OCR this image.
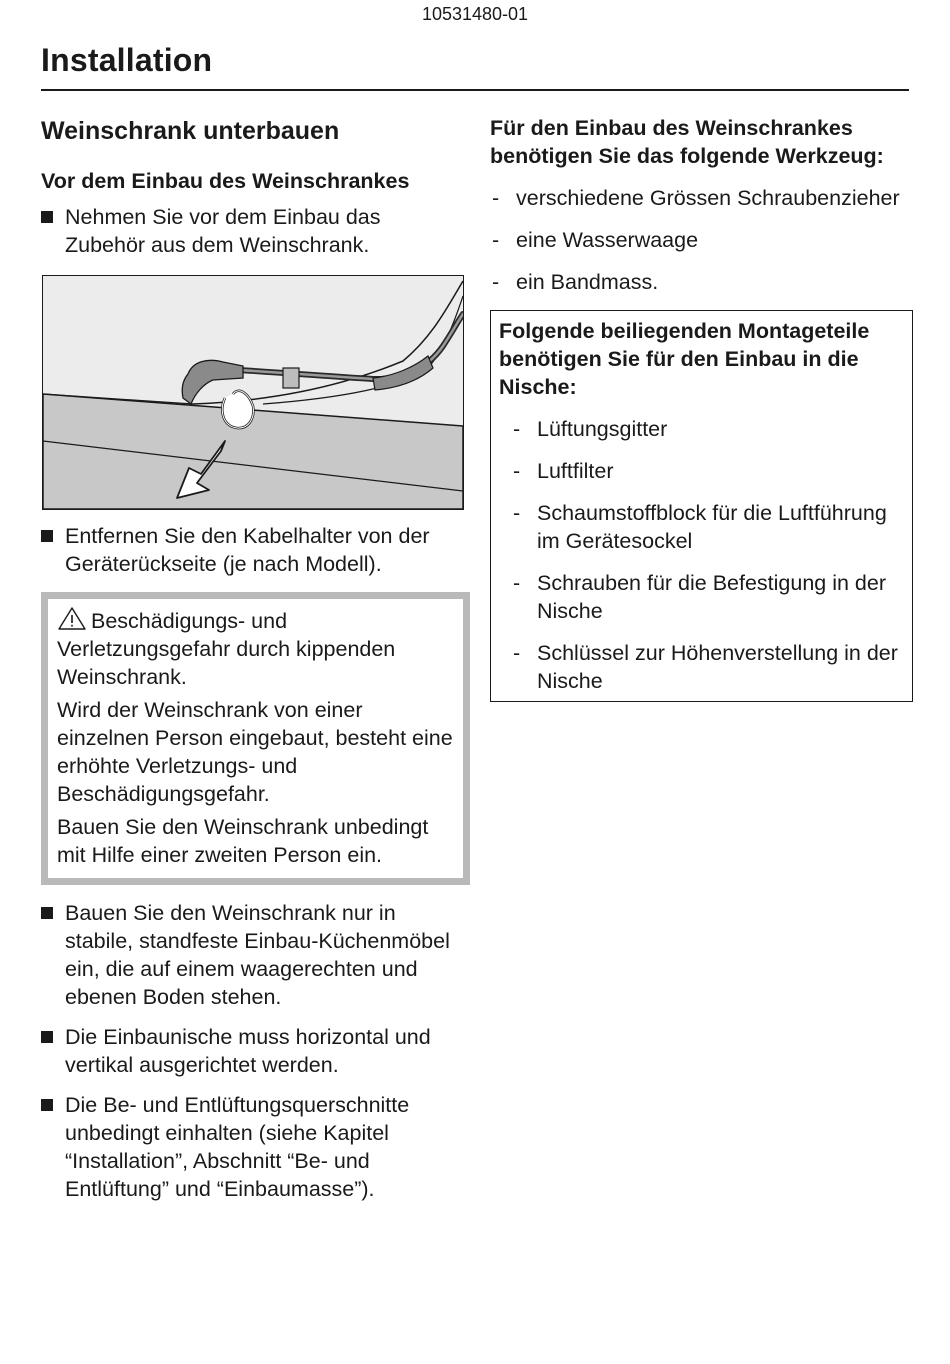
10531480-01
Installation
Weinschrank unterbauen
Vor dem Einbau des Weinschrankes
Nehmen Sie vor dem Einbau das Zubehör aus dem Weinschrank.
Entfernen Sie den Kabelhalter von der Geräterückseite (je nach Modell).

Beschädigungs- und Verletzungsgefahr durch kippenden Weinschrank.

Wird der Weinschrank von einer einzelnen Person eingebaut, besteht eine erhöhte Verletzungs- und Beschädigungsgefahr.

Bauen Sie den Weinschrank unbedingt mit Hilfe einer zweiten Person ein.

Bauen Sie den Weinschrank nur in stabile, standfeste Einbau-Küchenmöbel ein, die auf einem waagerechten und ebenen Boden stehen.
Die Einbaunische muss horizontal und vertikal ausgerichtet werden.
Die Be- und Entlüftungsquerschnitte unbedingt einhalten (siehe Kapitel “Installation”, Abschnitt “Be- und Entlüftung” und “Einbaumasse”).

Für den Einbau des Weinschrankes benötigen Sie das folgende Werkzeug:

- verschiedene Grössen Schraubenzieher
- eine Wasserwaage
- ein Bandmass.

Folgende beiliegenden Montageteile benötigen Sie für den Einbau in die Nische:

- Lüftungsgitter
- Luftfilter
- Schaumstoffblock für die Luftführung im Gerätesockel
- Schrauben für die Befestigung in der Nische
- Schlüssel zur Höhenverstellung in der Nische
